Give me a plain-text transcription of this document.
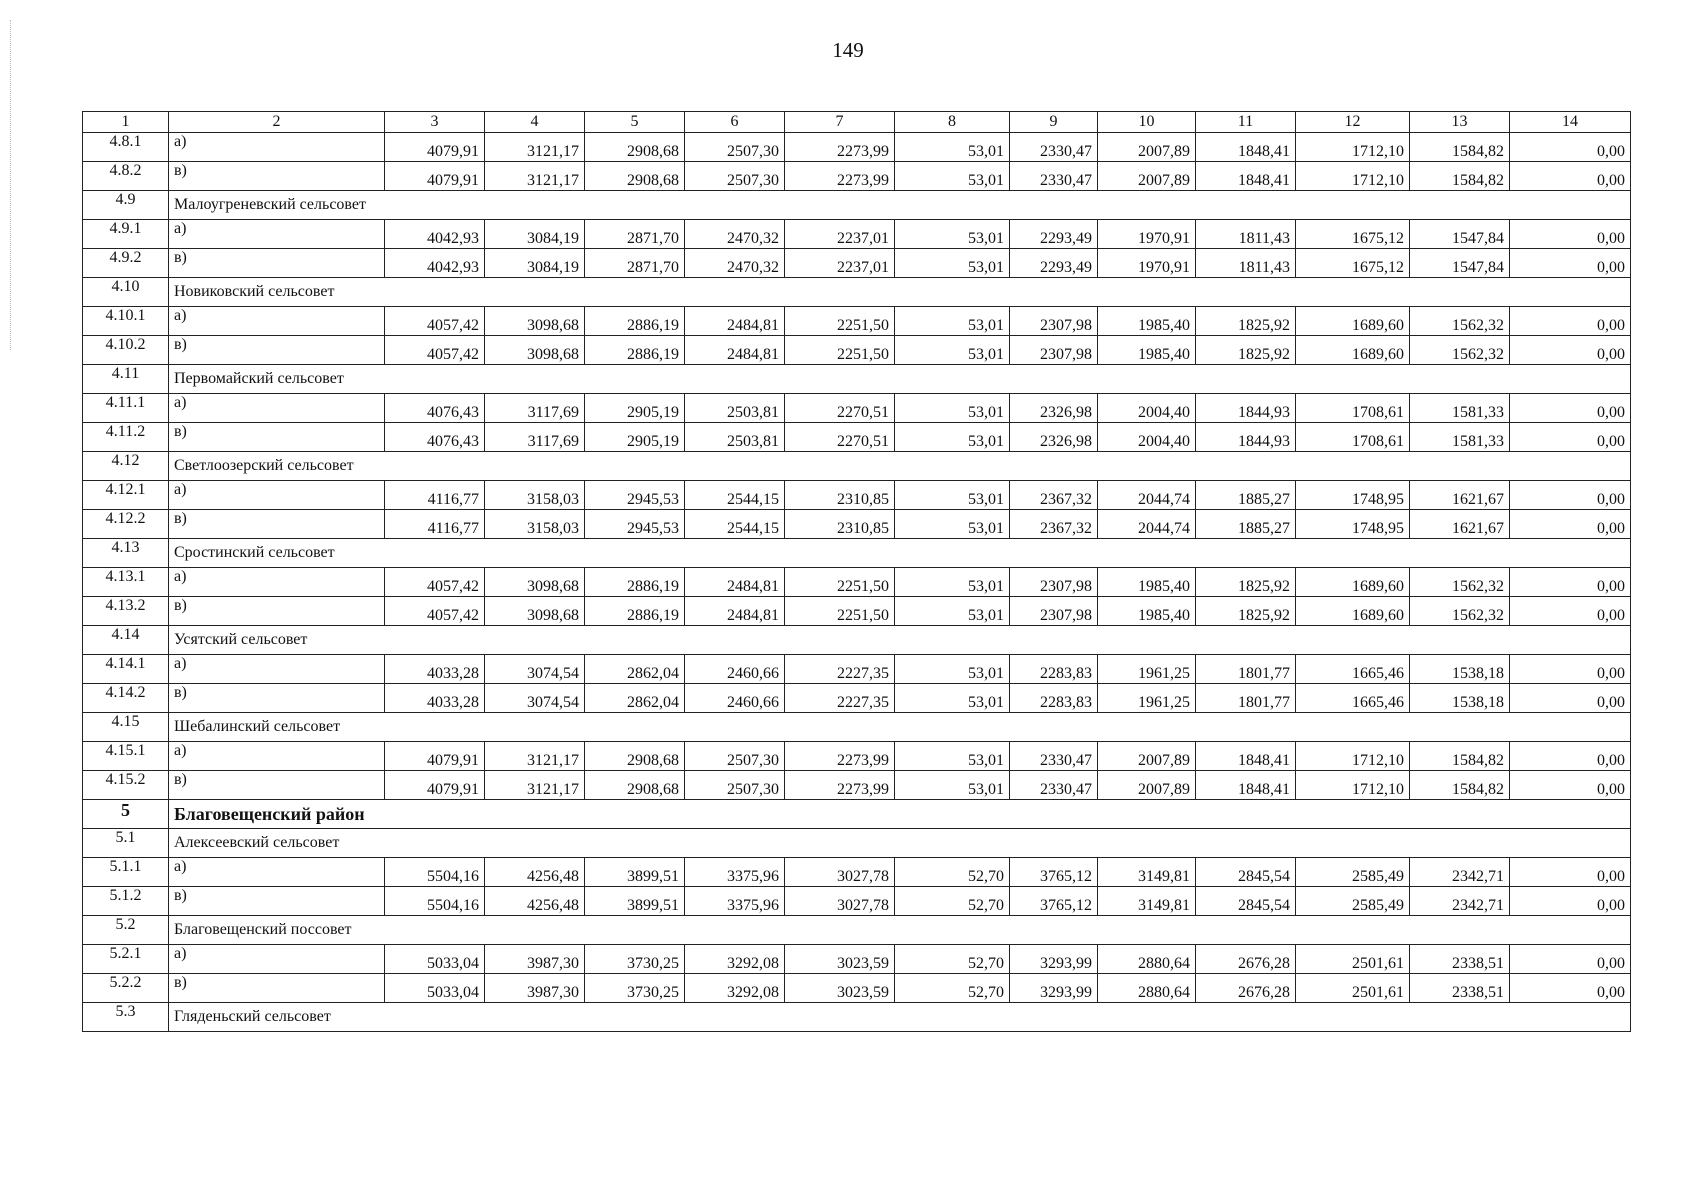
149
1	2	3	4	5	6	7	8	9	10	11	12	13	14
4.8.1	а)	4079,91	3121,17	2908,68	2507,30	2273,99	53,01	2330,47	2007,89	1848,41	1712,10	1584,82	0,00
4.8.2	в)	4079,91	3121,17	2908,68	2507,30	2273,99	53,01	2330,47	2007,89	1848,41	1712,10	1584,82	0,00
4.9	Малоугреневский сельсовет												
4.9.1	а)	4042,93	3084,19	2871,70	2470,32	2237,01	53,01	2293,49	1970,91	1811,43	1675,12	1547,84	0,00
4.9.2	в)	4042,93	3084,19	2871,70	2470,32	2237,01	53,01	2293,49	1970,91	1811,43	1675,12	1547,84	0,00
4.10	Новиковский сельсовет												
4.10.1	а)	4057,42	3098,68	2886,19	2484,81	2251,50	53,01	2307,98	1985,40	1825,92	1689,60	1562,32	0,00
4.10.2	в)	4057,42	3098,68	2886,19	2484,81	2251,50	53,01	2307,98	1985,40	1825,92	1689,60	1562,32	0,00
4.11	Первомайский сельсовет												
4.11.1	а)	4076,43	3117,69	2905,19	2503,81	2270,51	53,01	2326,98	2004,40	1844,93	1708,61	1581,33	0,00
4.11.2	в)	4076,43	3117,69	2905,19	2503,81	2270,51	53,01	2326,98	2004,40	1844,93	1708,61	1581,33	0,00
4.12	Светлоозерский сельсовет												
4.12.1	а)	4116,77	3158,03	2945,53	2544,15	2310,85	53,01	2367,32	2044,74	1885,27	1748,95	1621,67	0,00
4.12.2	в)	4116,77	3158,03	2945,53	2544,15	2310,85	53,01	2367,32	2044,74	1885,27	1748,95	1621,67	0,00
4.13	Сростинский сельсовет												
4.13.1	а)	4057,42	3098,68	2886,19	2484,81	2251,50	53,01	2307,98	1985,40	1825,92	1689,60	1562,32	0,00
4.13.2	в)	4057,42	3098,68	2886,19	2484,81	2251,50	53,01	2307,98	1985,40	1825,92	1689,60	1562,32	0,00
4.14	Усятский сельсовет												
4.14.1	а)	4033,28	3074,54	2862,04	2460,66	2227,35	53,01	2283,83	1961,25	1801,77	1665,46	1538,18	0,00
4.14.2	в)	4033,28	3074,54	2862,04	2460,66	2227,35	53,01	2283,83	1961,25	1801,77	1665,46	1538,18	0,00
4.15	Шебалинский сельсовет												
4.15.1	а)	4079,91	3121,17	2908,68	2507,30	2273,99	53,01	2330,47	2007,89	1848,41	1712,10	1584,82	0,00
4.15.2	в)	4079,91	3121,17	2908,68	2507,30	2273,99	53,01	2330,47	2007,89	1848,41	1712,10	1584,82	0,00
5	Благовещенский район												
5.1	Алексеевский сельсовет												
5.1.1	а)	5504,16	4256,48	3899,51	3375,96	3027,78	52,70	3765,12	3149,81	2845,54	2585,49	2342,71	0,00
5.1.2	в)	5504,16	4256,48	3899,51	3375,96	3027,78	52,70	3765,12	3149,81	2845,54	2585,49	2342,71	0,00
5.2	Благовещенский поссовет												
5.2.1	а)	5033,04	3987,30	3730,25	3292,08	3023,59	52,70	3293,99	2880,64	2676,28	2501,61	2338,51	0,00
5.2.2	в)	5033,04	3987,30	3730,25	3292,08	3023,59	52,70	3293,99	2880,64	2676,28	2501,61	2338,51	0,00
5.3	Гляденьский сельсовет												
